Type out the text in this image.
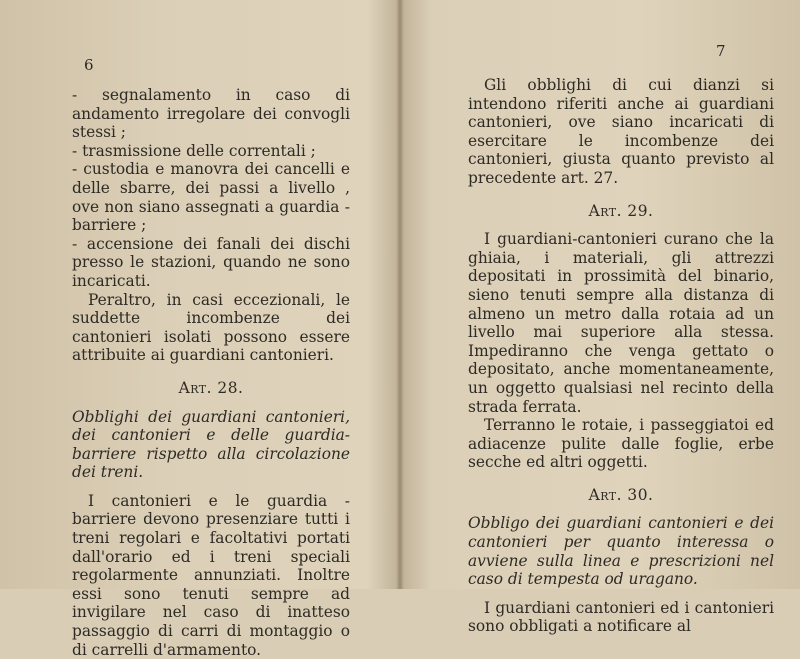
6

- segnalamento in caso di andamento irregolare dei convogli stessi ;

- trasmissione delle correntali ;

- custodia e manovra dei cancelli e delle sbarre, dei passi a livello , ove non siano assegnati a guardia - barriere ;

- accensione dei fanali dei dischi presso le stazioni, quando ne sono incaricati.

Peraltro, in casi eccezionali, le suddette incombenze dei cantonieri isolati possono essere attribuite ai guardiani cantonieri.

Art. 28.

Obblighi dei guardiani cantonieri, dei cantonieri e delle guardia-barriere rispetto alla circolazione dei treni.

I cantonieri e le guardia - barriere devono presenziare tutti i treni regolari e facoltativi portati dall'orario ed i treni speciali regolarmente annunziati. Inoltre essi sono tenuti sempre ad invigilare nel caso di inatteso passaggio di carri di montaggio o di carrelli d'armamento.

7

Gli obblighi di cui dianzi si intendono riferiti anche ai guardiani cantonieri, ove siano incaricati di esercitare le incombenze dei cantonieri, giusta quanto previsto al precedente art. 27.

Art. 29.

I guardiani-cantonieri curano che la ghiaia, i materiali, gli attrezzi depositati in prossimità del binario, sieno tenuti sempre alla distanza di almeno un metro dalla rotaia ad un livello mai superiore alla stessa. Impediranno che venga gettato o depositato, anche momentaneamente, un oggetto qualsiasi nel recinto della strada ferrata.

Terranno le rotaie, i passeggiatoi ed adiacenze pulite dalle foglie, erbe secche ed altri oggetti.

Art. 30.

Obbligo dei guardiani cantonieri e dei cantonieri per quanto interessa o avviene sulla linea e prescrizioni nel caso di tempesta od uragano.

I guardiani cantonieri ed i cantonieri sono obbligati a notificare al
